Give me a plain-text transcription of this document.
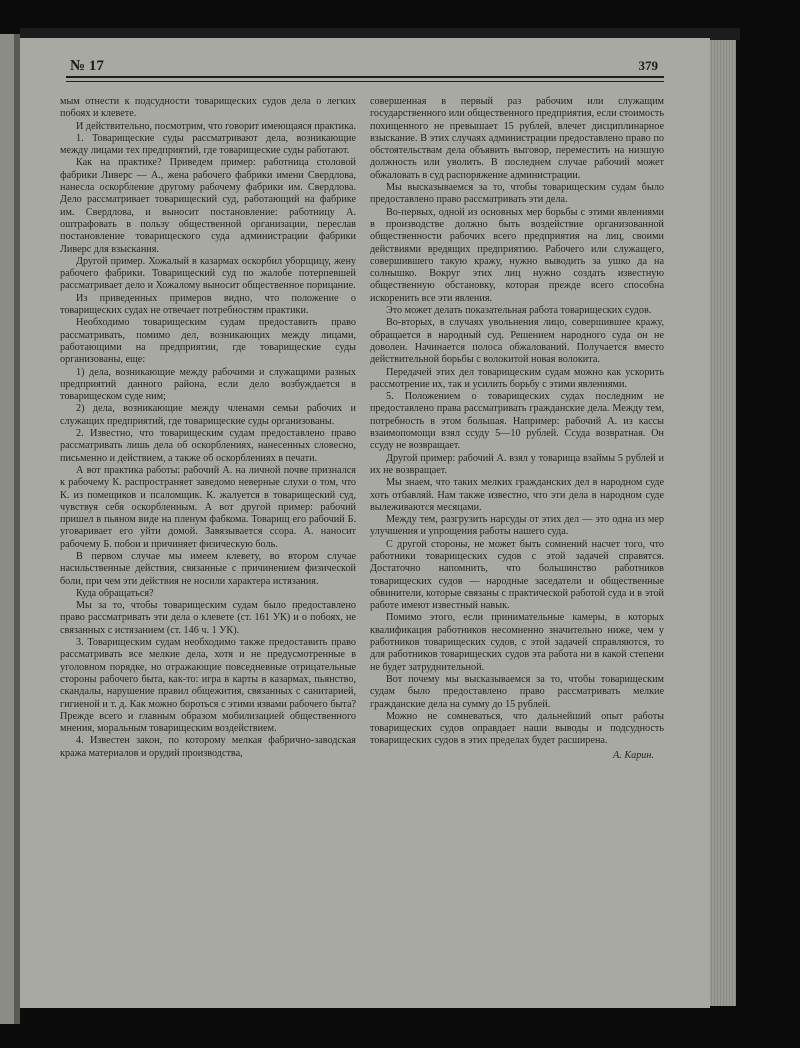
№ 17	379

мым отнести к подсудности товарищеских судов дела о легких побоях и клевете.

И действительно, посмотрим, что говорит имеющаяся практика.

1. Товарищеские суды рассматривают дела, возникающие между лицами тех предприятий, где товарищеские суды работают.

Как на практике? Приведем пример: работница столовой фабрики Ливерс — А., жена рабочего фабрики имени Свердлова, нанесла оскорбление другому рабочему фабрики им. Свердлова. Дело рассматривает товарищеский суд, работающий на фабрике им. Свердлова, и выносит постановление: работницу А. оштрафовать в пользу общественной организации, переслав постановление товарищеского суда администрации фабрики Ливерс для взыскания.

Другой пример. Хожалый в казармах оскорбил уборщицу, жену рабочего фабрики. Товарищеский суд по жалобе потерпевшей рассматривает дело и Хожалому выносит общественное порицание.

Из приведенных примеров видно, что положение о товарищеских судах не отвечает потребностям практики.

Необходимо товарищеским судам предоставить право рассматривать, помимо дел, возникающих между лицами, работающими на предприятии, где товарищеские суды организованы, еще:

1) дела, возникающие между рабочими и служащими разных предприятий данного района, если дело возбуждается в товарищеском суде ним;

2) дела, возникающие между членами семьи рабочих и служащих предприятий, где товарищеские суды организованы.

2. Известно, что товарищеским судам предоставлено право рассматривать лишь дела об оскорблениях, нанесенных словесно, письменно и действием, а также об оскорблениях в печати.

А вот практика работы: рабочий А. на личной почве признался к рабочему К. распространяет заведомо неверные слухи о том, что К. из помещиков и псаломщик. К. жалуется в товарищеский суд, чувствуя себя оскорбленным. А вот другой пример: рабочий пришел в пьяном виде на пленум фабкома. Товарищ его рабочий Б. уговаривает его уйти домой. Завязывается ссора. А. наносит рабочему Б. побои и причиняет физическую боль.

В первом случае мы имеем клевету, во втором случае насильственные действия, связанные с причинением физической боли, при чем эти действия не носили характера истязания.

Куда обращаться?

Мы за то, чтобы товарищеским судам было предоставлено право рассматривать эти дела о клевете (ст. 161 УК) и о побоях, не связанных с истязанием (ст. 146 ч. 1 УК).

3. Товарищеским судам необходимо также предоставить право рассматривать все мелкие дела, хотя и не предусмотренные в уголовном порядке, но отражающие повседневные отрицательные стороны рабочего быта, как-то: игра в карты в казармах, пьянство, скандалы, нарушение правил общежития, связанных с санитарией, гигиеной и т. д. Как можно бороться с этими язвами рабочего быта? Прежде всего и главным образом мобилизацией общественного мнения, моральным товарищеским воздействием.

4. Известен закон, по которому мелкая фабрично-заводская кража материалов и орудий производства,

совершенная в первый раз рабочим или служащим государственного или общественного предприятия, если стоимость похищенного не превышает 15 рублей, влечет дисциплинарное взыскание. В этих случаях администрации предоставлено право по обстоятельствам дела объявить выговор, переместить на низшую должность или уволить. В последнем случае рабочий может обжаловать в суд распоряжение администрации.

Мы высказываемся за то, чтобы товарищеским судам было предоставлено право рассматривать эти дела.

Во-первых, одной из основных мер борьбы с этими явлениями в производстве должно быть воздействие организованной общественности рабочих всего предприятия на лиц, своими действиями вредящих предприятию. Рабочего или служащего, совершившего такую кражу, нужно выводить за ушко да на солнышко. Вокруг этих лиц нужно создать известную общественную обстановку, которая прежде всего способна искоренить все эти явления.

Это может делать показательная работа товарищеских судов.

Во-вторых, в случаях увольнения лицо, совершившее кражу, обращается в народный суд. Решением народного суда он не доволен. Начинается полоса обжалований. Получается вместо действительной борьбы с волокитой новая волокита.

Передачей этих дел товарищеским судам можно как ускорить рассмотрение их, так и усилить борьбу с этими явлениями.

5. Положением о товарищеских судах последним не предоставлено права рассматривать гражданские дела. Между тем, потребность в этом большая. Например: рабочий А. из кассы взаимопомощи взял ссуду 5—10 рублей. Ссуда возвратная. Он ссуду не возвращает.

Другой пример: рабочий А. взял у товарища взаймы 5 рублей и их не возвращает.

Мы знаем, что таких мелких гражданских дел в народном суде хоть отбавляй. Нам также известно, что эти дела в народном суде вылеживаются месяцами.

Между тем, разгрузить нарсуды от этих дел — это одна из мер улучшения и упрощения работы нашего суда.

С другой стороны, не может быть сомнений насчет того, что работники товарищеских судов с этой задачей справятся. Достаточно напомнить, что большинство работников товарищеских судов — народные заседатели и общественные обвинители, которые связаны с практической работой суда и в этой работе имеют известный навык.

Помимо этого, если принимательные камеры, в которых квалификация работников несомненно значительно ниже, чем у работников товарищеских судов, с этой задачей справляются, то для работников товарищеских судов эта работа ни в какой степени не будет затруднительной.

Вот почему мы высказываемся за то, чтобы товарищеским судам было предоставлено право рассматривать мелкие гражданские дела на сумму до 15 рублей.

Можно не сомневаться, что дальнейший опыт работы товарищеских судов оправдает наши выводы и подсудность товарищеских судов в этих пределах будет расширена.

А. Карин.
